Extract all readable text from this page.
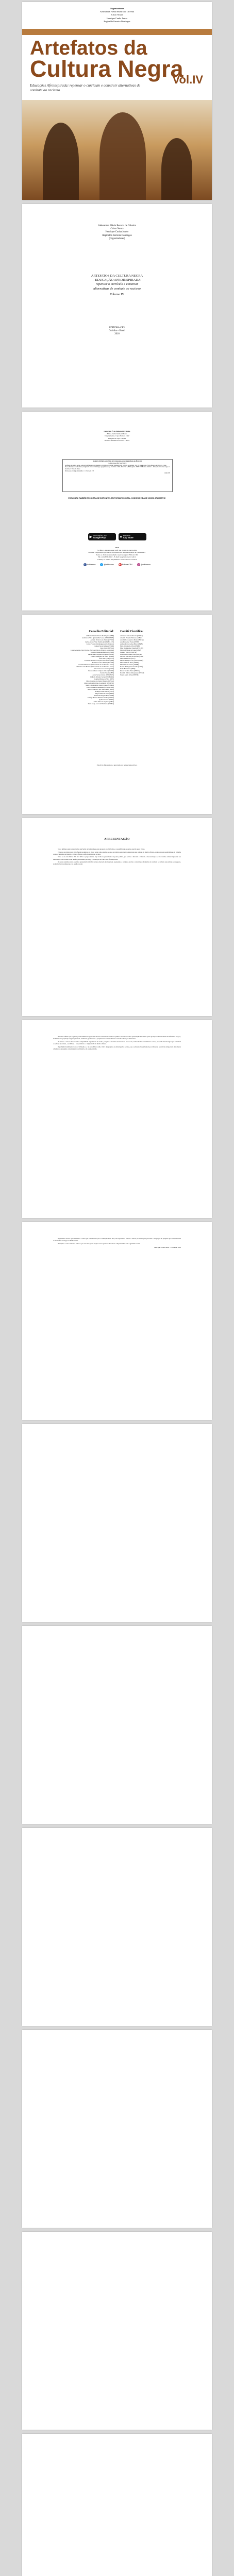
Organizadores
Aleksandra Flávia Bezerra do Oliveira
Cristo Noura
Henrique Cunha Junior
Reginaldo Ferreira Domingos
Artefatos da
Cultura Negra
Vol.IV
Educações Afroinspirada: repensar o currículo e construir alternativas de combate ao racismo
Aleksandra Flávia Bezerra de Oliveira
Cristo Noura
Henrique Cunha Junior
Reginaldo Ferreira Domingos
(Organizadores)
ARTEFATOS DA CULTURA NEGRA
– EDUCAÇÃO AFROINSPIRADA:
repensar o currículo e construir
alternativas de combate ao racismo
Volume IV
EDITORA CRV
Curitiba – Brasil
2016
Copyright © da Editora CRV Ltda.
Editor-chefe: Railson Moura
Diagramação e Capa: Editora CRV
Imagem de capa: Freepik
Revisão: Analista de Escrita e Artes
DADOS INTERNACIONAIS DE CATALOGAÇÃO NA PUBLICAÇÃO (CIP)
CATALOGAÇÃO NA FONTE
Artefatos da cultura negra – educação afroinspirada: repensar o currículo e construir alternativas de combate ao racismo. Vol. IV / Aleksandra Flávia Bezerra de Oliveira, Cristo Noura, Henrique Cunha Junior, Reginaldo Ferreira Domingos (organizadores) – Curitiba : CRV, 2016. 392 p. Bibliografia. ISBN 978-85-444-1048-6. 1. Educação 2. Cultura negra 3. Racismo I. Título II. Série
Índice para catálogo sistemático: 1. Educação 370
CDD 370
ESTA OBRA TAMBÉM ENCONTRA-SE DISPONÍVEL EM FORMATO DIGITAL. CONHEÇA E BAIXE NOSSO APLICATIVO!
▶ DISPONÍVEL NO
Google Play	● Baixar na
App Store
2016
Foi feito o depósito legal conf. Lei 10.994 de 14/12/2004
Proibida a reprodução parcial ou total desta obra sem autorização da Editora CRV
Todos os direitos desta edição reservados pela: Editora CRV
Tel.: (41) 3039-6418 – E-mail: sac@editoracrv.com.br
Conheça os nossos lançamentos: www.editoracrv.com.br
f /editoracrv	t @editoracrv	▶ Editora CRV	◎ @editoracrv
Conselho Editorial:

Aldira Guimarães Duarte Domínguez (UNB)

Andréia da Silva Quintanilha Sousa (UNIR/UFRN)

Antônio Pereira Gaio Júnior (UFRRJ)

Carlos Alberto Vilar Estêvão (UMINHO – PT)

Carlos Federico Dominguez Avila (Unieuro)

Carmen Tereza Velanga (UNIR)

Celso Conti (UFSCar)

Cesar Gerónimo Tello (Univer. Nacional Três de Febrero – Argentina)

Eduardo Fernandes Barbosa (UFMG)

Elione Maria Nogueira Diogenes (UFAL)

Elizeu Clementino de Souza (UNEB)

Élsio José Corá (UFFS)

Fernando Antônio Gonçalves Alcoforado (IPB)

Francisco Carlos Duarte (PUC-PR)

Gloria Fariñas León (Universidade de La Havana – Cuba)

Guillermo Arias Beatón (Universidade de La Havana – Cuba)

Jailson Alves dos Santos (UFRJ)

João Adalberto Campato Junior (UNESP)

Josania Portela (UFPI)

Leonel Severo Rocha (UNISINOS)

Lídia de Oliveira Xavier (UNIEURO)

Lourdes Helena da Silva (UFV)

Maria Cristina dos Santos Bezerra (UFSCar)

Maria de Lourdes Pinto de Almeida (UNOESC)

Maria Lília Imbiriba Sousa Colares (UFOPA)

Paulo Romualdo Hernandes (UNIFAL-MG)

Renato Francisco dos Santos Paula (UFG)

Rodrigo Pratte-Santos (UFES)

Sérgio Nunes de Jesus (IFRO)

Simone Rodrigues Pinto (UNB)

Solange Helena Ximenes-Rocha (UFOPA)

Sydione Santos (UEPG)

Tadeu Oliver Gonçalves (UFPA)

Tania Suely Azevedo Brasileiro (UFOPA)

Comitê Científico:

Alexandre Macedo Pereira (UFMG)

Amanda Pinheiro Mancuso (UFSC)

Ana Lúcia Gonçalves Maia (UFSCar)

Ana Marcelina Vieira (UFMT)

Andrea Maria Gomes Brito (UFRB)

Elcio Oliveira da Silva (UFRB)

Elisa Baumgartner Zanella (PUC-SP)

Elizabeth Maria de Sousa (UFRJ)

Fabiano Vieira (UNIFESP)

Gláucia Hernandes Viana (IPUSP)

Luciano José Reis de Oliveira (UNB)

Manoel Menezes (UFV)

Márcia Adriana Lobo (Universidade)

Marcos Adolfo Silva (UFAM)

Maria Juliana Santos (UFRB)

Norma Baumgartner Zanella (UFRJ)

Paulo Fernandes (UEM)

Rafael Teodoro Paiva (UFRGS)

Ronaldo Rufino Albuquerque (IPUSP)

Sandra Maria Silva (UNESP)

Este livro foi avaliado e aprovado por pareceristas ad hoc.
APRESENTAÇÃO

Vasos deliberos este pensar termos sua forma de humanidade estes proposta vocêcê forma e a possibilidade de outros que dão esses vários.

Estudos: os artigos deste livro foram produzidos na maior parte como estudos de caso de práticas pedagógicas inspiradas nas culturas de matriz africana, demonstrando possibilidades de trabalho com os conteúdos de história e cultura africana e afro-brasileira nas escolas.

Tanto se de cada finitos vida eter linha se propos nestas, cuja forma de pensamento da poder política, que termos a imortais e cultural. A desconstrução de um racismo estrutural presente nas instituições educacionais é um desafio permanente que exige a construção de currículos afroinspirados.

Os textos reunidos nesta coletânea apresentam reflexões sobre a educação afroinspirada, repensando o currículo escolar e construindo alternativas de combate ao racismo nas práticas pedagógicas, na formação de professores e na gestão escolar.

Devemos afirmar que a grande potencialidade de quaisquer obras de tal natureza trazidas a público exercendo com a apresentação das várias ações que hoje se desenvolvem em diferentes espaços, mobilizando a população negra organizada, estudantes, professores e pesquisadores comprometidos com uma educação antirracista.

Os autores e autoras deste volume compartilham experiências de ensino, pesquisa e extensão desenvolvidas em escolas, universidades e movimentos sociais, propondo metodologias que valorizam os saberes ancestrais, a oralidade, a corporeidade e a religiosidade de matriz africana.

O problema fundamental para a civilização e o de consolidar a razão crítica dos projetos de emancipação, por isso, que a educação fundamentada por diferentes referências atinge mais plenamente a formação de sujeitos conscientes de sua história e de sua identidade.

Registramos nossos agradecimentos a todos que contribuíram para a realização desta obra, em especial aos autores e autoras, às instituições parceiras e aos grupos de pesquisa que acompanharam as atividades ao longo dos últimos anos.

Desejamos a todos uma boa leitura e que este livro possa inspirar novas práticas educativas comprometidas com a igualdade racial.

Henrique Cunha Junior – Fortaleza, 2016
